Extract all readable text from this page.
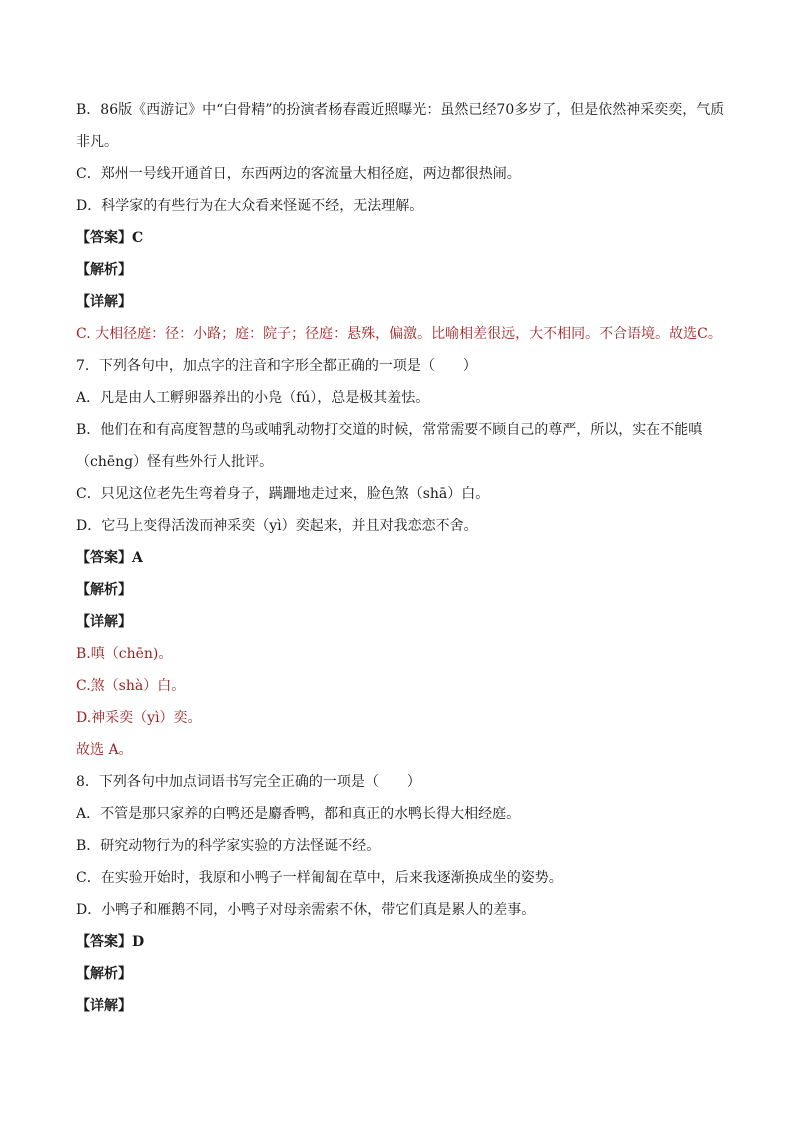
B．86版《西游记》中“白骨精”的扮演者杨春霞近照曝光：虽然已经70多岁了，但是依然神采奕奕，气质

非凡。

C．郑州一号线开通首日，东西两边的客流量大相径庭，两边都很热闹。

D．科学家的有些行为在大众看来怪诞不经，无法理解。

【答案】C

【解析】

【详解】

C. 大相径庭：径：小路；庭：院子；径庭：悬殊，偏激。比喻相差很远，大不相同。不合语境。故选C。

7．下列各句中，加点字的注音和字形全都正确的一项是（　　）

A．凡是由人工孵卵器养出的小凫（fú），总是极其羞怯。

B．他们在和有高度智慧的鸟或哺乳动物打交道的时候，常常需要不顾自己的尊严，所以，实在不能嗔

（chēng）怪有些外行人批评。

C．只见这位老先生弯着身子，蹒跚地走过来，脸色煞（shā）白。

D．它马上变得活泼而神采奕（yì）奕起来，并且对我恋恋不舍。

【答案】A

【解析】

【详解】

B.嗔（chēn)。

C.煞（shà）白。

D.神采奕（yì）奕。

故选 A。

8．下列各句中加点词语书写完全正确的一项是（　　）

A．不管是那只家养的白鸭还是麝香鸭，都和真正的水鸭长得大相经庭。

B．研究动物行为的科学家实验的方法怪诞不经。

C．在实验开始时，我原和小鸭子一样匍匐在草中，后来我逐渐换成坐的姿势。

D．小鸭子和雁鹅不同，小鸭子对母亲需索不休，带它们真是累人的差事。

【答案】D

【解析】

【详解】
